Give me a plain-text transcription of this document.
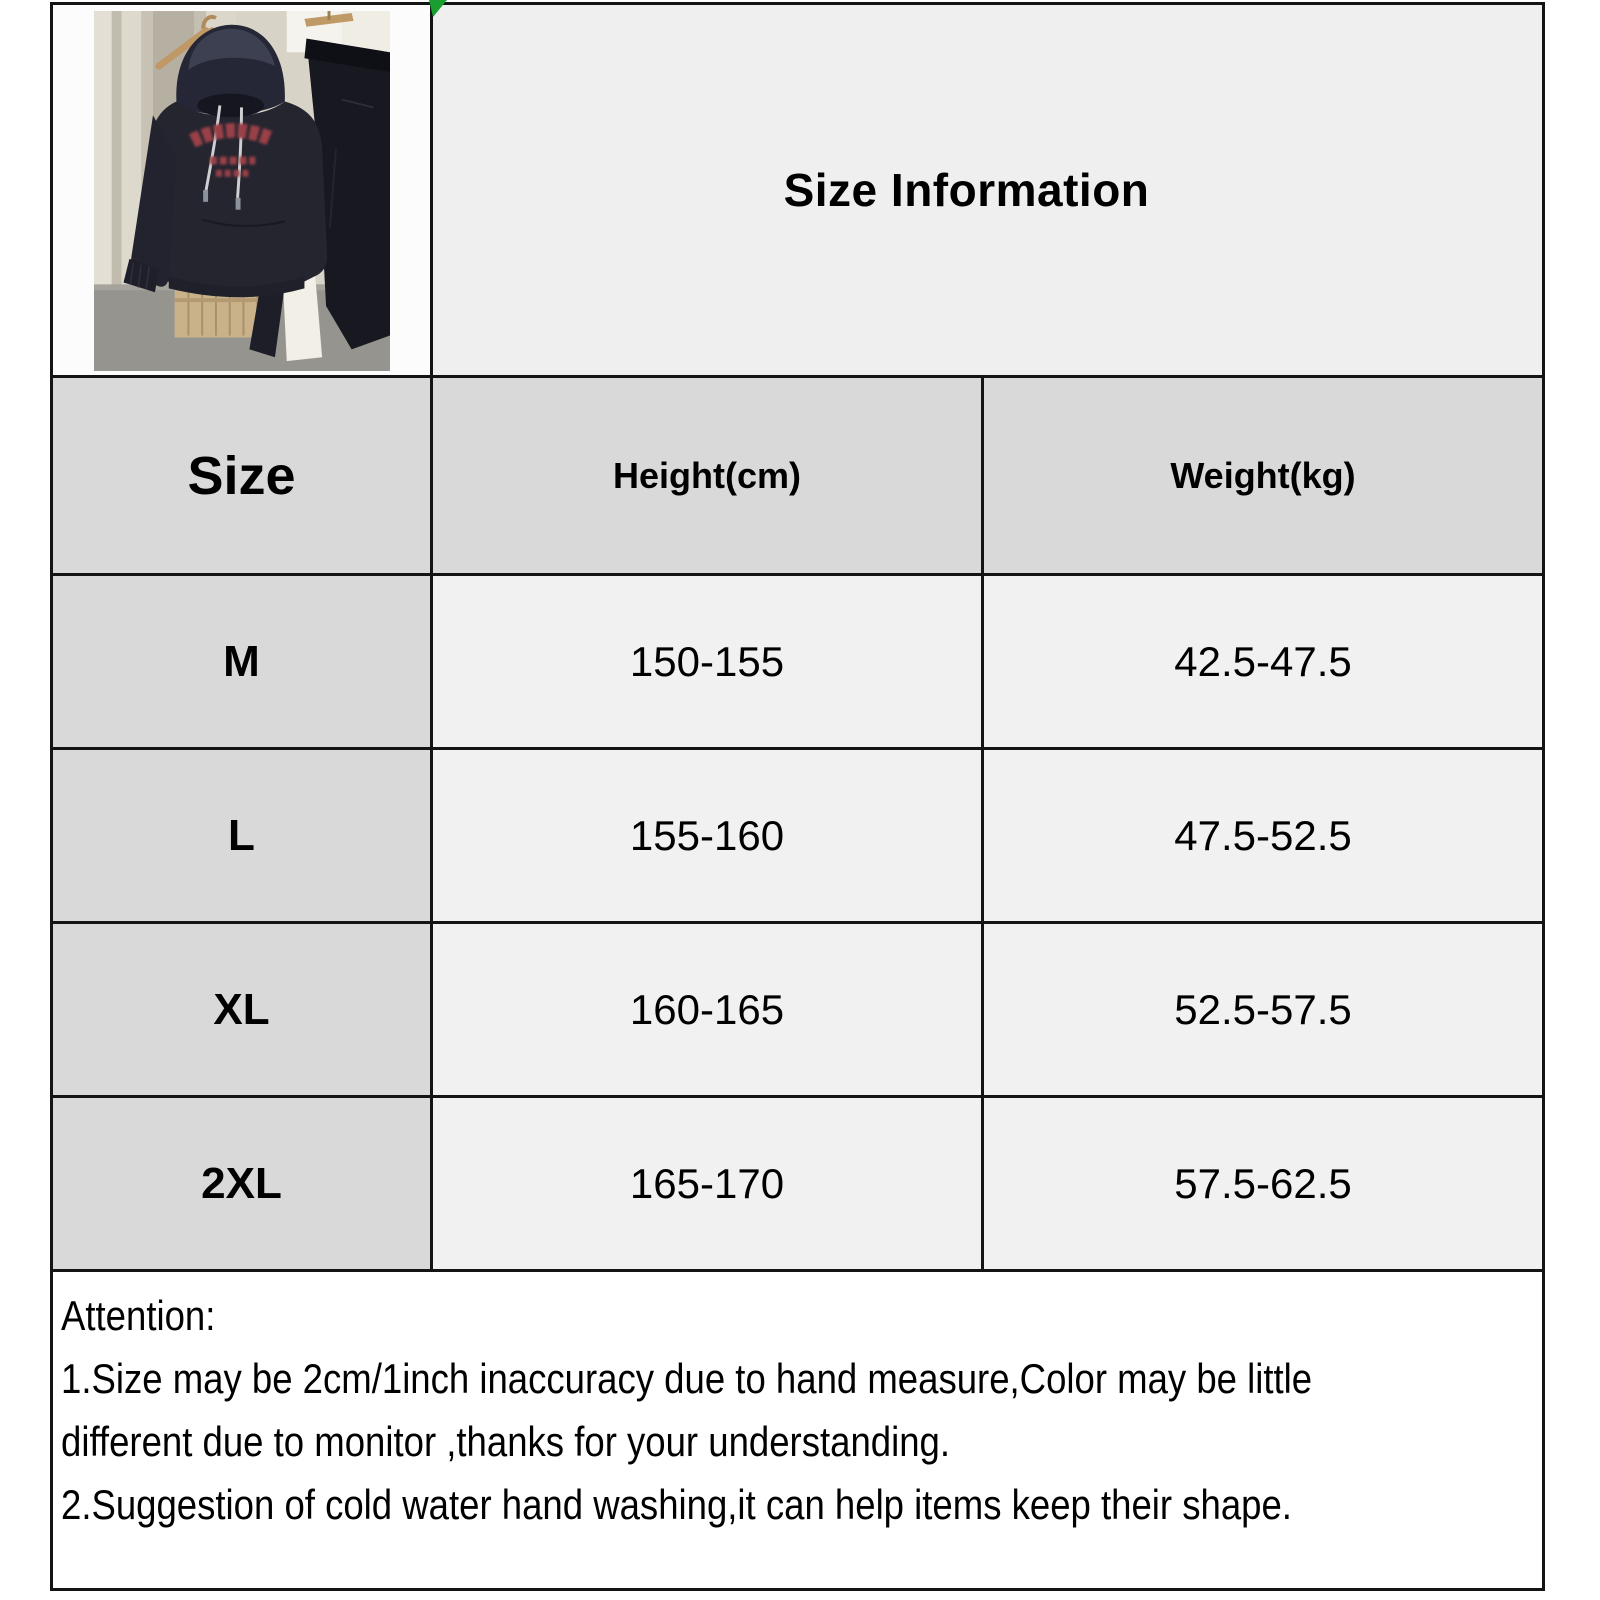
Size Information
Size	Height(cm)	Weight(kg)
M	150-155	42.5-47.5
L	155-160	47.5-52.5
XL	160-165	52.5-57.5
2XL	165-170	57.5-62.5
Attention:
1.Size may be 2cm/1inch inaccuracy due to hand measure,Color may be little different due to monitor ,thanks for your understanding.
2.Suggestion of cold water hand washing,it can help items keep their shape.
